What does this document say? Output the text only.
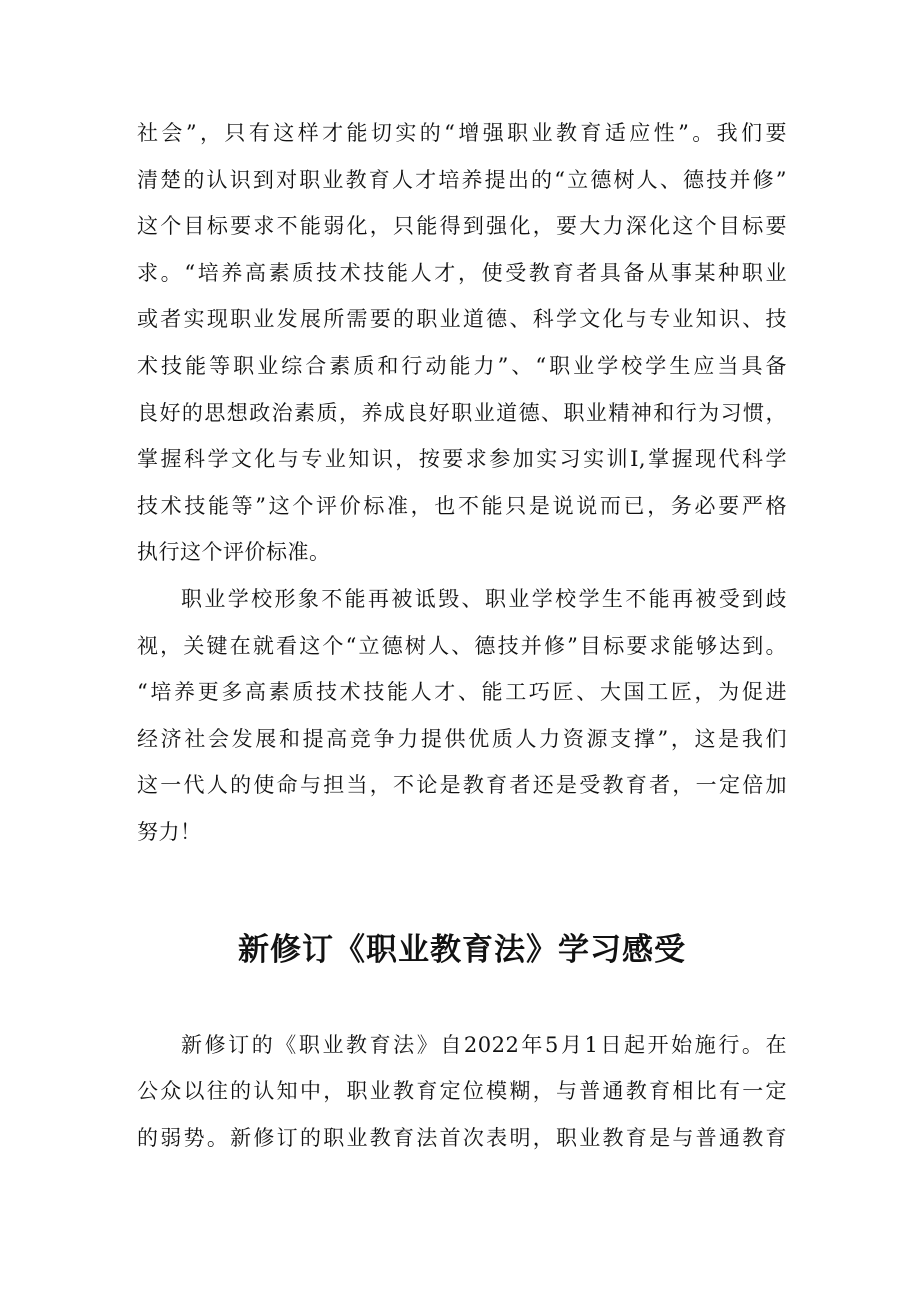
社会”，只有这样才能切实的“增强职业教育适应性”。我们要
清楚的认识到对职业教育人才培养提出的“立德树人、德技并修”
这个目标要求不能弱化，只能得到强化，要大力深化这个目标要
求。“培养高素质技术技能人才，使受教育者具备从事某种职业
或者实现职业发展所需要的职业道德、科学文化与专业知识、技
术技能等职业综合素质和行动能力”、“职业学校学生应当具备
良好的思想政治素质，养成良好职业道德、职业精神和行为习惯，
掌握科学文化与专业知识，按要求参加实习实训I,掌握现代科学
技术技能等”这个评价标准，也不能只是说说而已，务必要严格
执行这个评价标准。

职业学校形象不能再被诋毁、职业学校学生不能再被受到歧
视，关键在就看这个“立德树人、德技并修”目标要求能够达到。
“培养更多高素质技术技能人才、能工巧匠、大国工匠，为促进
经济社会发展和提高竞争力提供优质人力资源支撑”，这是我们
这一代人的使命与担当，不论是教育者还是受教育者，一定倍加
努力！

新修订《职业教育法》学习感受

新修订的《职业教育法》自2022年5月1日起开始施行。在
公众以往的认知中，职业教育定位模糊，与普通教育相比有一定
的弱势。新修订的职业教育法首次表明，职业教育是与普通教育
